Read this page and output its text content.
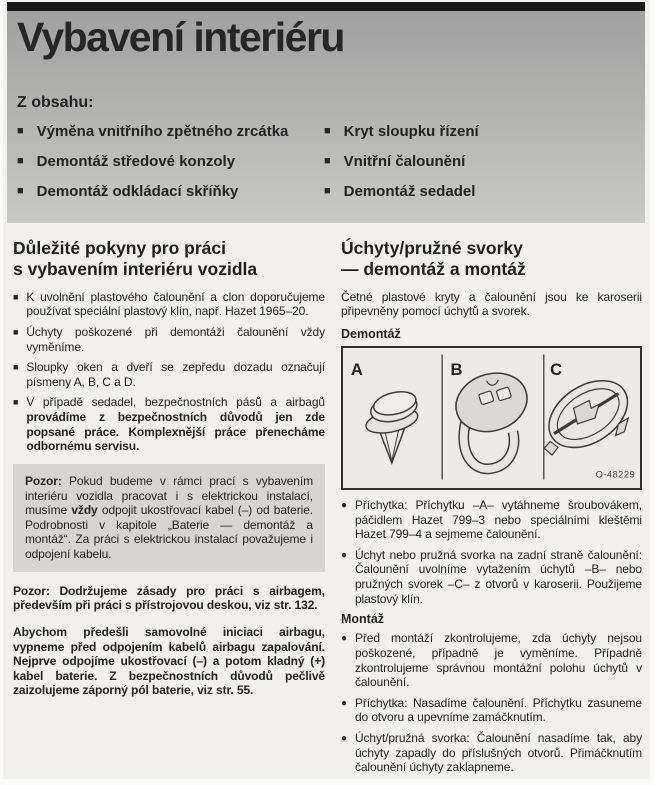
Vybavení interiéru
Z obsahu:
■ Výměna vnitřního zpětného zrcátka
■ Demontáž středové konzoly
■ Demontáž odkládací skříňky
■ Kryt sloupku řízení
■ Vnitřní čalounění
■ Demontáž sedadel
Důležité pokyny pro práci
s vybavením interiéru vozidla
■ K uvolnění plastového čalounění a clon doporučujeme používat speciální plastový klín, např. Hazet 1965–20.
■ Úchyty poškozené při demontáži čalounění vždy vyměníme.
■ Sloupky oken a dveří se zepředu dozadu označují písmeny A, B, C a D.
■ V případě sedadel, bezpečnostních pásů a airbagů provádíme z bezpečnostních důvodů jen zde popsané práce. Komplexnější práce přenecháme odbornému servisu.
Pozor: Pokud budeme v rámci prací s vybavením interiéru vozidla pracovat i s elektrickou instalací, musíme vždy odpojit ukostřovací kabel (–) od baterie. Podrobnosti v kapitole „Baterie — demontáž a montáž“. Za práci s elektrickou instalací považujeme i odpojení kabelu.

Pozor: Dodržujeme zásady pro práci s airbagem, především při práci s přístrojovou deskou, viz str. 132.

Abychom předešli samovolné iniciaci airbagu, vypneme před odpojením kabelů airbagu zapalování. Nejprve odpojíme ukostřovací (–) a potom kladný (+) kabel baterie. Z bezpečnostních důvodů pečlivě zaizolujeme záporný pól baterie, viz str. 55.

Úchyty/pružné svorky
— demontáž a montáž

Četné plastové kryty a čalounění jsou ke karoserii připevněny pomocí úchytů a svorek.

Demontáž
A	B	C
O-48229
● Příchytka: Příchytku –A– vytáhneme šroubovákem, páčidlem Hazet 799–3 nebo speciálními kleštěmi Hazet 799–4 a sejmeme čalounění.
● Úchyt nebo pružná svorka na zadní straně čalounění: Čalounění uvolníme vytažením úchytů –B– nebo pružných svorek –C– z otvorů v karoserii. Použijeme plastový klín.
Montáž
● Před montáží zkontrolujeme, zda úchyty nejsou poškozené, případně je vyměníme. Případně zkontrolujeme správnou montážní polohu úchytů v čalounění.
● Příchytka: Nasadíme čalounění. Příchytku zasuneme do otvoru a upevníme zamáčknutím.
● Úchyt/pružná svorka: Čalounění nasadíme tak, aby úchyty zapadly do příslušných otvorů. Přimáčknutím čalounění úchyty zaklapneme.
